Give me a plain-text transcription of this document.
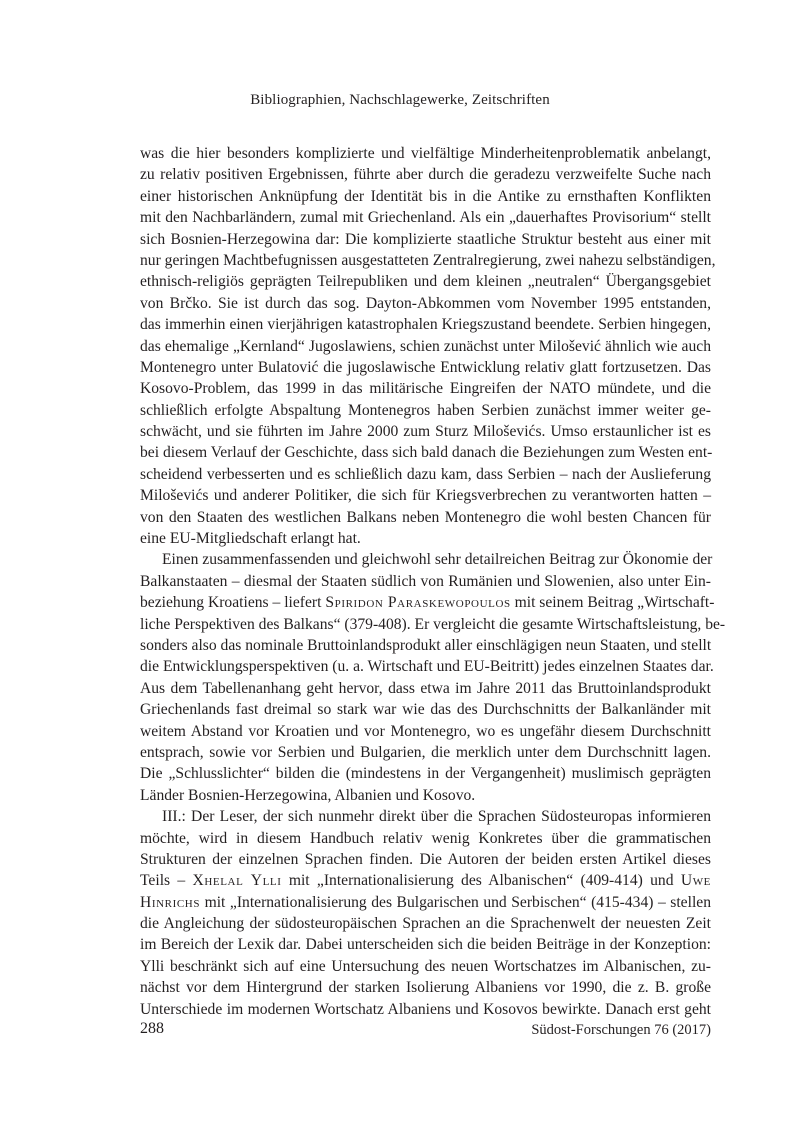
Bibliographien, Nachschlagewerke, Zeitschriften
was die hier besonders komplizierte und vielfältige Minderheitenproblematik anbelangt,
zu relativ positiven Ergebnissen, führte aber durch die geradezu verzweifelte Suche nach
einer historischen Anknüpfung der Identität bis in die Antike zu ernsthaften Konflikten
mit den Nachbarländern, zumal mit Griechenland. Als ein „dauerhaftes Provisorium“ stellt
sich Bosnien-Herzegowina dar: Die komplizierte staatliche Struktur besteht aus einer mit
nur geringen Machtbefugnissen ausgestatteten Zentralregierung, zwei nahezu selbständigen,
ethnisch-religiös geprägten Teilrepubliken und dem kleinen „neutralen“ Übergangsgebiet
von Brčko. Sie ist durch das sog. Dayton-Abkommen vom November 1995 entstanden,
das immerhin einen vierjährigen katastrophalen Kriegszustand beendete. Serbien hingegen,
das ehemalige „Kernland“ Jugoslawiens, schien zunächst unter Milošević ähnlich wie auch
Montenegro unter Bulatović die jugoslawische Entwicklung relativ glatt fortzusetzen. Das
Kosovo-Problem, das 1999 in das militärische Eingreifen der NATO mündete, und die
schließlich erfolgte Abspaltung Montenegros haben Serbien zunächst immer weiter ge-
schwächt, und sie führten im Jahre 2000 zum Sturz Miloševićs. Umso erstaunlicher ist es
bei diesem Verlauf der Geschichte, dass sich bald danach die Beziehungen zum Westen ent-
scheidend verbesserten und es schließlich dazu kam, dass Serbien – nach der Auslieferung
Miloševićs und anderer Politiker, die sich für Kriegsverbrechen zu verantworten hatten –
von den Staaten des westlichen Balkans neben Montenegro die wohl besten Chancen für
eine EU-Mitgliedschaft erlangt hat.
Einen zusammenfassenden und gleichwohl sehr detailreichen Beitrag zur Ökonomie der
Balkanstaaten – diesmal der Staaten südlich von Rumänien und Slowenien, also unter Ein-
beziehung Kroatiens – liefert Spiridon Paraskewopoulos mit seinem Beitrag „Wirtschaft-
liche Perspektiven des Balkans“ (379-408). Er vergleicht die gesamte Wirtschaftsleistung, be-
sonders also das nominale Bruttoinlandsprodukt aller einschlägigen neun Staaten, und stellt
die Entwicklungsperspektiven (u. a. Wirtschaft und EU-Beitritt) jedes einzelnen Staates dar.
Aus dem Tabellenanhang geht hervor, dass etwa im Jahre 2011 das Bruttoinlandsprodukt
Griechenlands fast dreimal so stark war wie das des Durchschnitts der Balkanländer mit
weitem Abstand vor Kroatien und vor Montenegro, wo es ungefähr diesem Durchschnitt
entsprach, sowie vor Serbien und Bulgarien, die merklich unter dem Durchschnitt lagen.
Die „Schlusslichter“ bilden die (mindestens in der Vergangenheit) muslimisch geprägten
Länder Bosnien-Herzegowina, Albanien und Kosovo.
III.: Der Leser, der sich nunmehr direkt über die Sprachen Südosteuropas informieren
möchte, wird in diesem Handbuch relativ wenig Konkretes über die grammatischen
Strukturen der einzelnen Sprachen finden. Die Autoren der beiden ersten Artikel dieses
Teils – Xhelal Ylli mit „Internationalisierung des Albanischen“ (409-414) und Uwe
Hinrichs mit „Internationalisierung des Bulgarischen und Serbischen“ (415-434) – stellen
die Angleichung der südosteuropäischen Sprachen an die Sprachenwelt der neuesten Zeit
im Bereich der Lexik dar. Dabei unterscheiden sich die beiden Beiträge in der Konzeption:
Ylli beschränkt sich auf eine Untersuchung des neuen Wortschatzes im Albanischen, zu-
nächst vor dem Hintergrund der starken Isolierung Albaniens vor 1990, die z. B. große
Unterschiede im modernen Wortschatz Albaniens und Kosovos bewirkte. Danach erst geht
288	Südost-Forschungen 76 (2017)
